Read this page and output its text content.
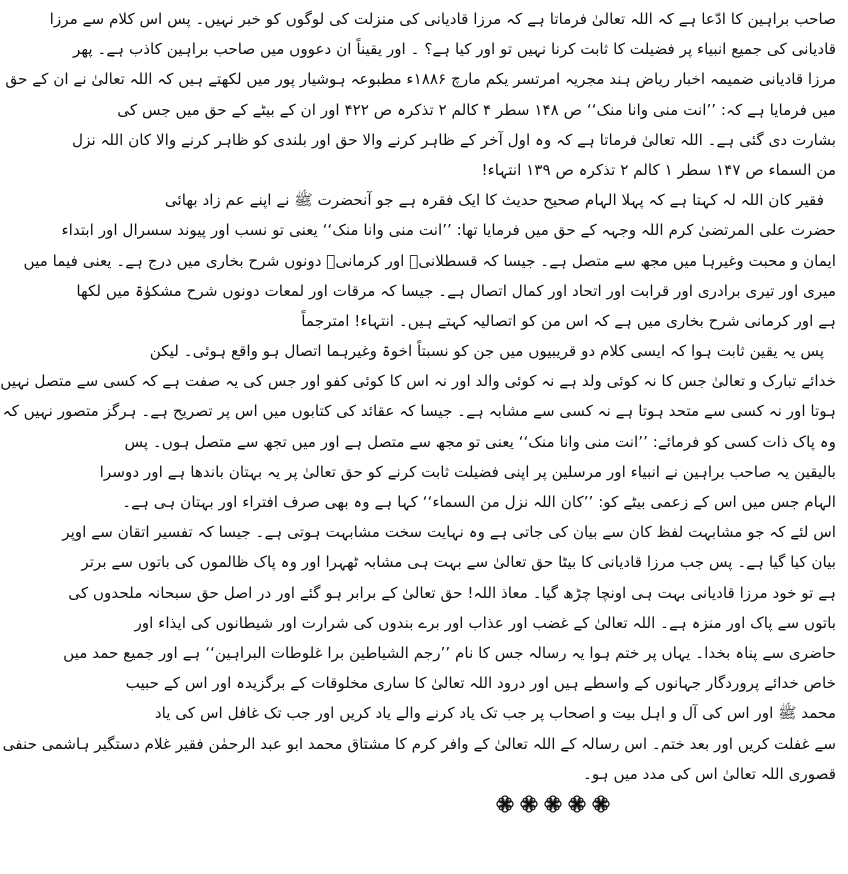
صاحب براہین کا ادّعا ہے کہ اللہ تعالیٰ فرماتا ہے کہ مرزا قادیانی کی منزلت کی لوگوں کو خبر نہیں۔ پس اس کلام سے مرزا
قادیانی کی جمیع انبیاء پر فضیلت کا ثابت کرنا نہیں تو اور کیا ہے؟ ۔ اور یقیناً ان دعووں میں صاحب براہین کاذب ہے۔ پھر
مرزا قادیانی ضمیمہ اخبار ریاض ہند مجریہ امرتسر یکم مارچ ۱۸۸۶ء مطبوعہ ہوشیار پور میں لکھتے ہیں کہ اللہ تعالیٰ نے ان کے حق
میں فرمایا ہے کہ: ’’انت منی وانا منک‘‘ ص ۱۴۸ سطر ۴ کالم ۲ تذکرہ ص ۴۲۲ اور ان کے بیٹے کے حق میں جس کی
بشارت دی گئی ہے۔ اللہ تعالیٰ فرماتا ہے کہ وہ اول آخر کے ظاہر کرنے والا حق اور بلندی کو ظاہر کرنے والا کان اللہ نزل
من السماء ص ۱۴۷ سطر ۱ کالم ۲ تذکرہ ص ۱۳۹ انتہاء!
فقیر کان اللہ لہ کہتا ہے کہ پہلا الہام صحیح حدیث کا ایک فقرہ ہے جو آنحضرت ﷺ نے اپنے عم زاد بھائی
حضرت علی المرتضیٰ کرم اللہ وجہہ کے حق میں فرمایا تھا: ’’انت منی وانا منک‘‘ یعنی تو نسب اور پیوند سسرال اور ابتداء
ایمان و محبت وغیرہا میں مجھ سے متصل ہے۔ جیسا کہ قسطلانیؒ اور کرمانیؒ دونوں شرح بخاری میں درج ہے۔ یعنی فیما میں
میری اور تیری برادری اور قرابت اور اتحاد اور کمال اتصال ہے۔ جیسا کہ مرقات اور لمعات دونوں شرح مشکوٰۃ میں لکھا
ہے اور کرمانی شرح بخاری میں ہے کہ اس من کو اتصالیہ کہتے ہیں۔ انتہاء! امترجماً
پس یہ یقین ثابت ہوا کہ ایسی کلام دو قریبیوں میں جن کو نسبتاً اخوۃ وغیرہما اتصال ہو واقع ہوئی۔ لیکن
خدائے تبارک و تعالیٰ جس کا نہ کوئی ولد ہے نہ کوئی والد اور نہ اس کا کوئی کفو اور جس کی یہ صفت ہے کہ کسی سے متصل نہیں
ہوتا اور نہ کسی سے متحد ہوتا ہے نہ کسی سے مشابہ ہے۔ جیسا کہ عقائد کی کتابوں میں اس پر تصریح ہے۔ ہرگز متصور نہیں کہ
وہ پاک ذات کسی کو فرمائے: ’’انت منی وانا منک‘‘ یعنی تو مجھ سے متصل ہے اور میں تجھ سے متصل ہوں۔ پس
بالیقین یہ صاحب براہین نے انبیاء اور مرسلین پر اپنی فضیلت ثابت کرنے کو حق تعالیٰ پر یہ بہتان باندھا ہے اور دوسرا
الہام جس میں اس کے زعمی بیٹے کو: ’’کان اللہ نزل من السماء‘‘ کہا ہے وہ بھی صرف افتراء اور بہتان ہی ہے۔
اس لئے کہ جو مشابہت لفظ کان سے بیان کی جاتی ہے وہ نہایت سخت مشابہت ہوتی ہے۔ جیسا کہ تفسیر اتقان سے اوپر
بیان کیا گیا ہے۔ پس جب مرزا قادیانی کا بیٹا حق تعالیٰ سے بہت ہی مشابہ ٹھہرا اور وہ پاک ظالموں کی باتوں سے برتر
ہے تو خود مرزا قادیانی بہت ہی اونچا چڑھ گیا۔ معاذ اللہ! حق تعالیٰ کے برابر ہو گئے اور در اصل حق سبحانہ ملحدوں کی
باتوں سے پاک اور منزہ ہے۔ اللہ تعالیٰ کے غضب اور عذاب اور برے بندوں کی شرارت اور شیطانوں کی ایذاء اور
حاضری سے پناہ بخدا۔ یہاں پر ختم ہوا یہ رسالہ جس کا نام ’’رجم الشیاطین برا غلوطات البراہین‘‘ ہے اور جمیع حمد میں
خاص خدائے پروردگار جہانوں کے واسطے ہیں اور درود اللہ تعالیٰ کا ساری مخلوقات کے برگزیدہ اور اس کے حبیب
محمد ﷺ اور اس کی آل و اہل بیت و اصحاب پر جب تک یاد کرنے والے یاد کریں اور جب تک غافل اس کی یاد
سے غفلت کریں اور بعد ختم۔ اس رسالہ کے اللہ تعالیٰ کے وافر کرم کا مشتاق محمد ابو عبد الرحمٰن فقیر غلام دستگیر ہاشمی حنفی
قصوری اللہ تعالیٰ اس کی مدد میں ہو۔
